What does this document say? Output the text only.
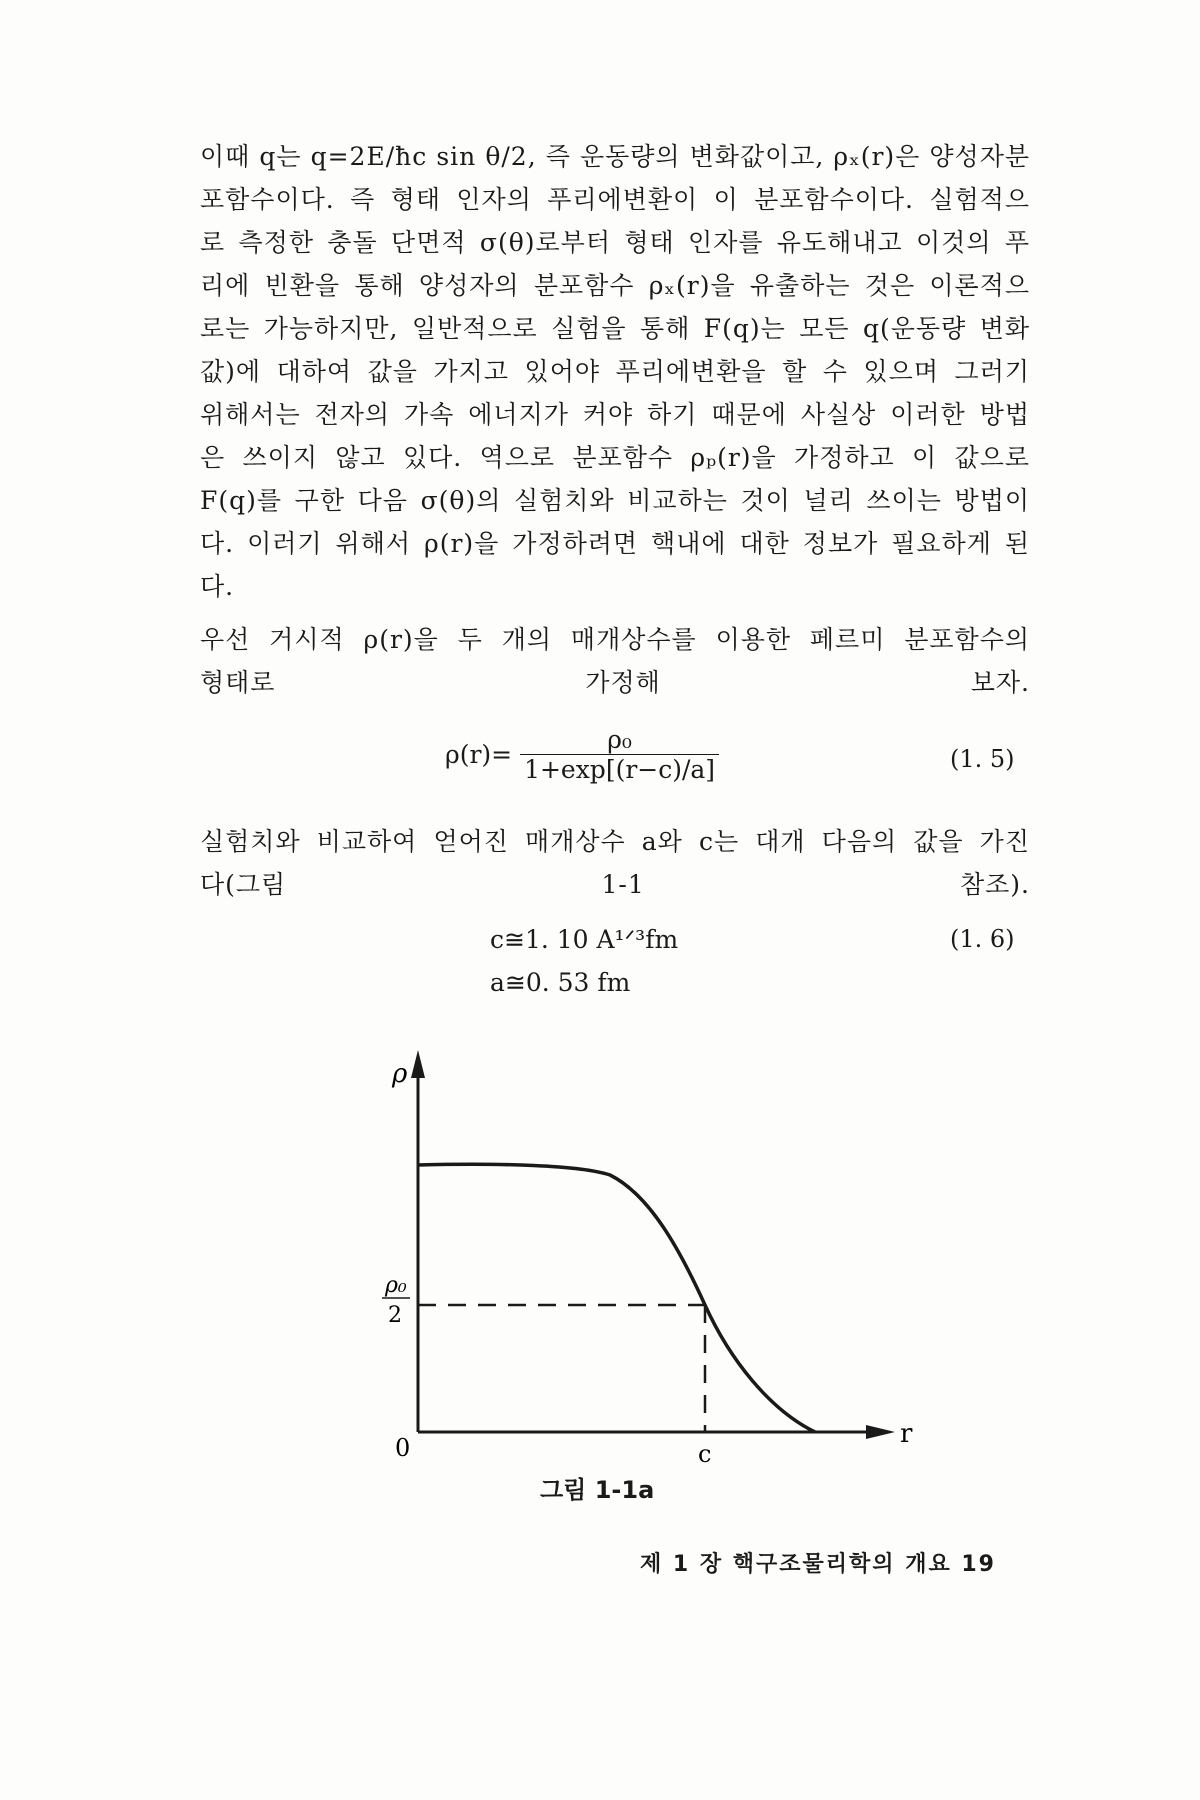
이때 q는 q=2E/ħc sin θ/2, 즉 운동량의 변화값이고, ρₓ(r)은 양성자분
포함수이다. 즉 형태 인자의 푸리에변환이 이 분포함수이다. 실험적으
로 측정한 충돌 단면적 σ(θ)로부터 형태 인자를 유도해내고 이것의 푸
리에 빈환을 통해 양성자의 분포함수 ρₓ(r)을 유출하는 것은 이론적으
로는 가능하지만, 일반적으로 실험을 통해 F(q)는 모든 q(운동량 변화
값)에 대하여 값을 가지고 있어야 푸리에변환을 할 수 있으며 그러기
위해서는 전자의 가속 에너지가 커야 하기 때문에 사실상 이러한 방법
은 쓰이지 않고 있다. 역으로 분포함수 ρₚ(r)을 가정하고 이 값으로
F(q)를 구한 다음 σ(θ)의 실험치와 비교하는 것이 널리 쓰이는 방법이
다. 이러기 위해서 ρ(r)을 가정하려면 핵내에 대한 정보가 필요하게 된
다.
우선 거시적 ρ(r)을 두 개의 매개상수를 이용한 페르미 분포함수의
형태로 가정해 보자.
$\rho(r)= \frac{\text{ρ₀}}{1+\exp[(r-c)/a]}$	(1. 5)
실험치와 비교하여 얻어진 매개상수 a와 c는 대개 다음의 값을 가진
다(그림 1-1 참조).
c≅1. 10 A¹ᐟ³fm
a≅0. 53 fm
(1. 6)
ρ
r
0
ρ₀
2
c
그림 1-1a
제 1 장 핵구조물리학의 개요 19
